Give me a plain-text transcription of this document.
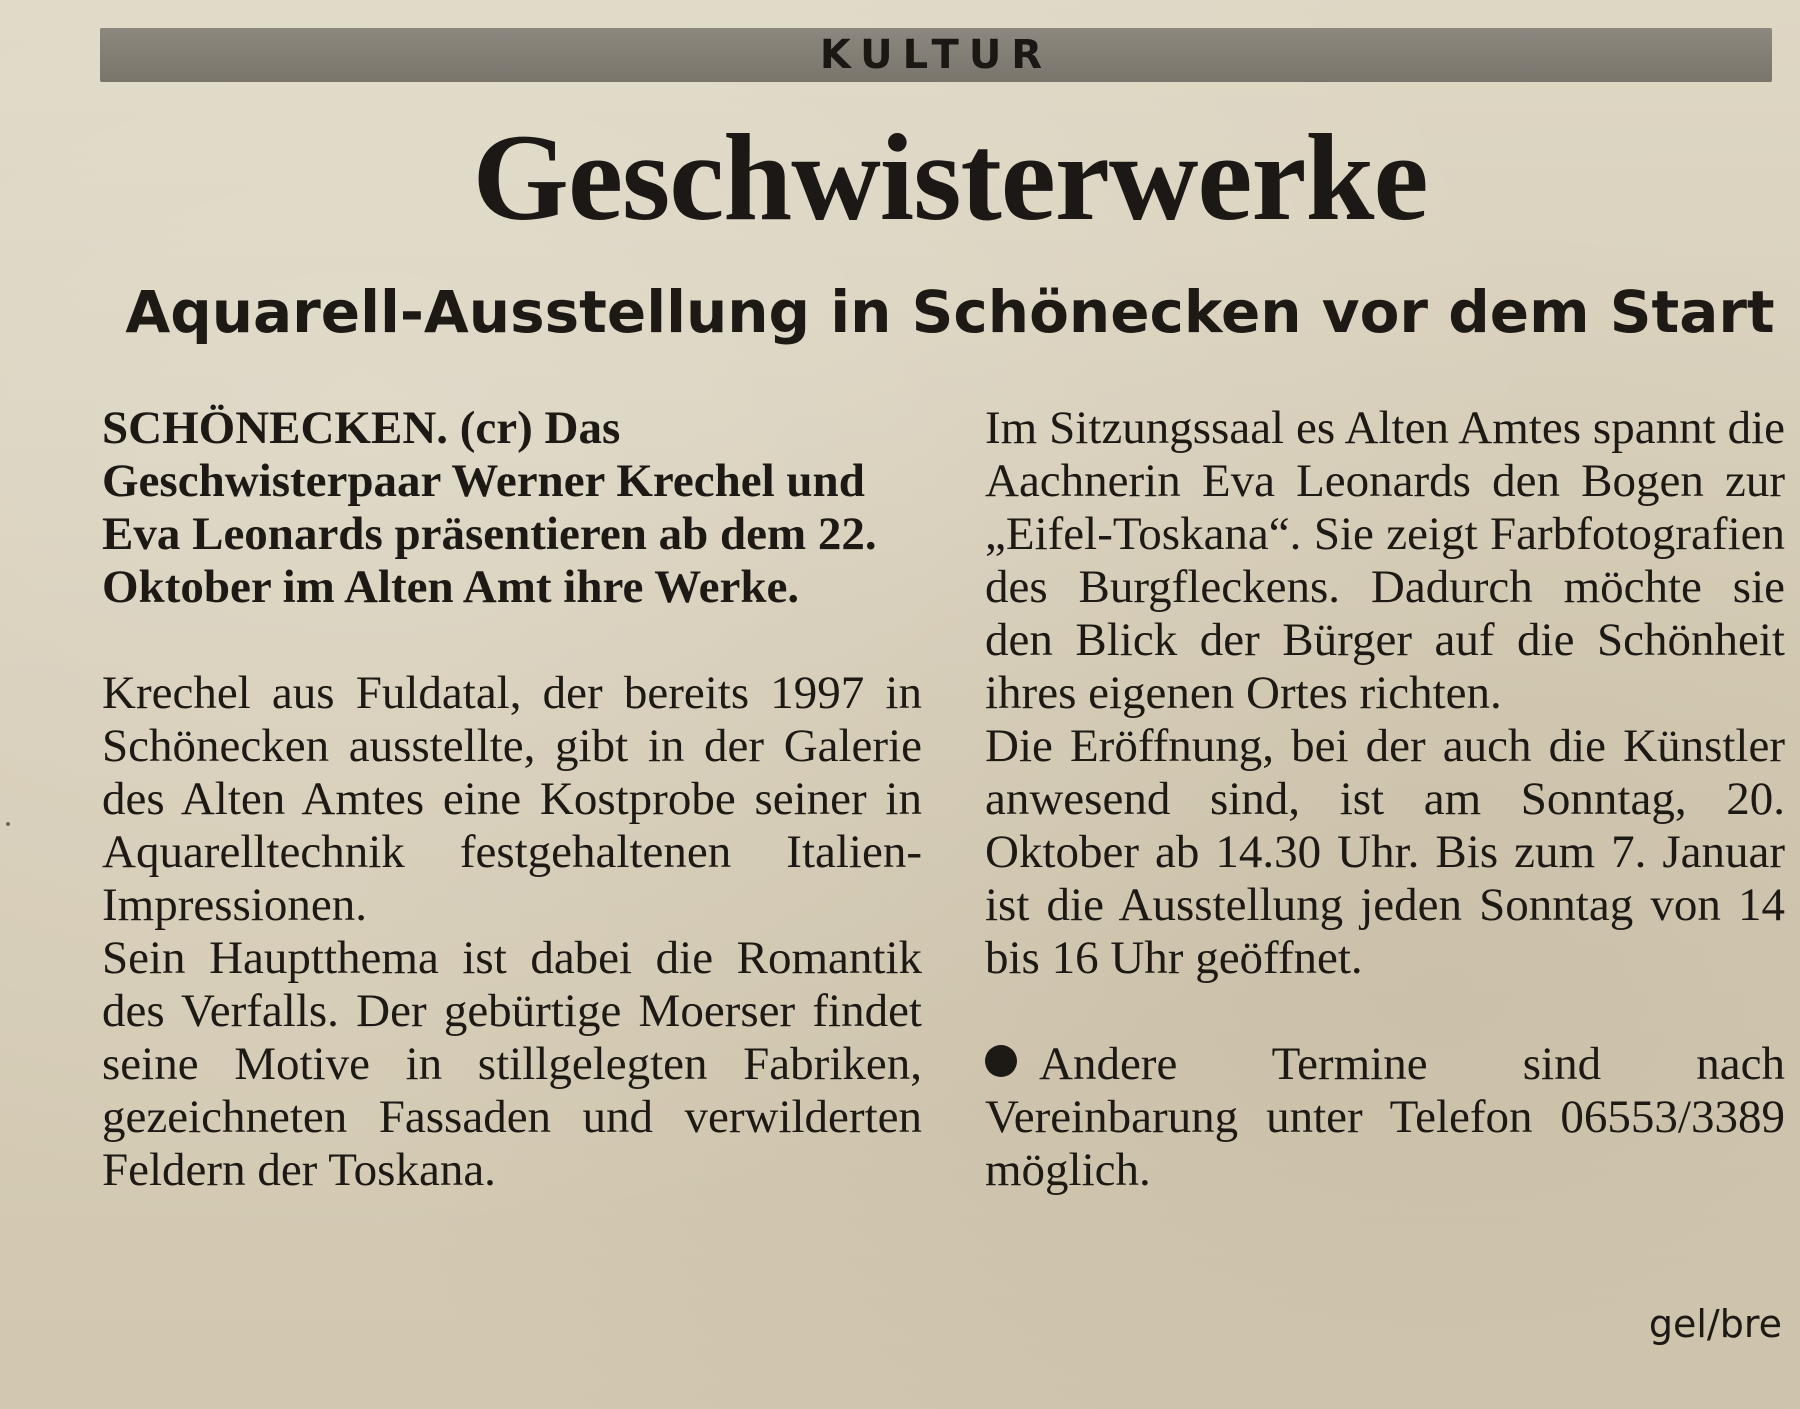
KULTUR
Geschwisterwerke
Aquarell-Ausstellung in Schönecken vor dem Start

SCHÖNECKEN. (cr) Das Geschwisterpaar Werner Krechel und Eva Leonards präsentieren ab dem 22. Oktober im Alten Amt ihre Werke.

Krechel aus Fuldatal, der bereits 1997 in Schönecken ausstellte, gibt in der Galerie des Alten Amtes eine Kostprobe seiner in Aquarelltechnik festgehaltenen Italien-Impressionen.

Sein Hauptthema ist dabei die Romantik des Verfalls. Der gebürtige Moerser findet seine Motive in stillgelegten Fabriken, gezeichneten Fassaden und verwilderten Feldern der Toskana.

Im Sitzungssaal es Alten Amtes spannt die Aachnerin Eva Leonards den Bogen zur „Eifel-Toskana“. Sie zeigt Farbfotografien des Burgfleckens. Dadurch möchte sie den Blick der Bürger auf die Schönheit ihres eigenen Ortes richten.

Die Eröffnung, bei der auch die Künstler anwesend sind, ist am Sonntag, 20. Oktober ab 14.30 Uhr. Bis zum 7. Januar ist die Ausstellung jeden Sonntag von 14 bis 16 Uhr geöffnet.

Andere Termine sind nach Vereinbarung unter Telefon 06553/3389 möglich.

gel/bre
